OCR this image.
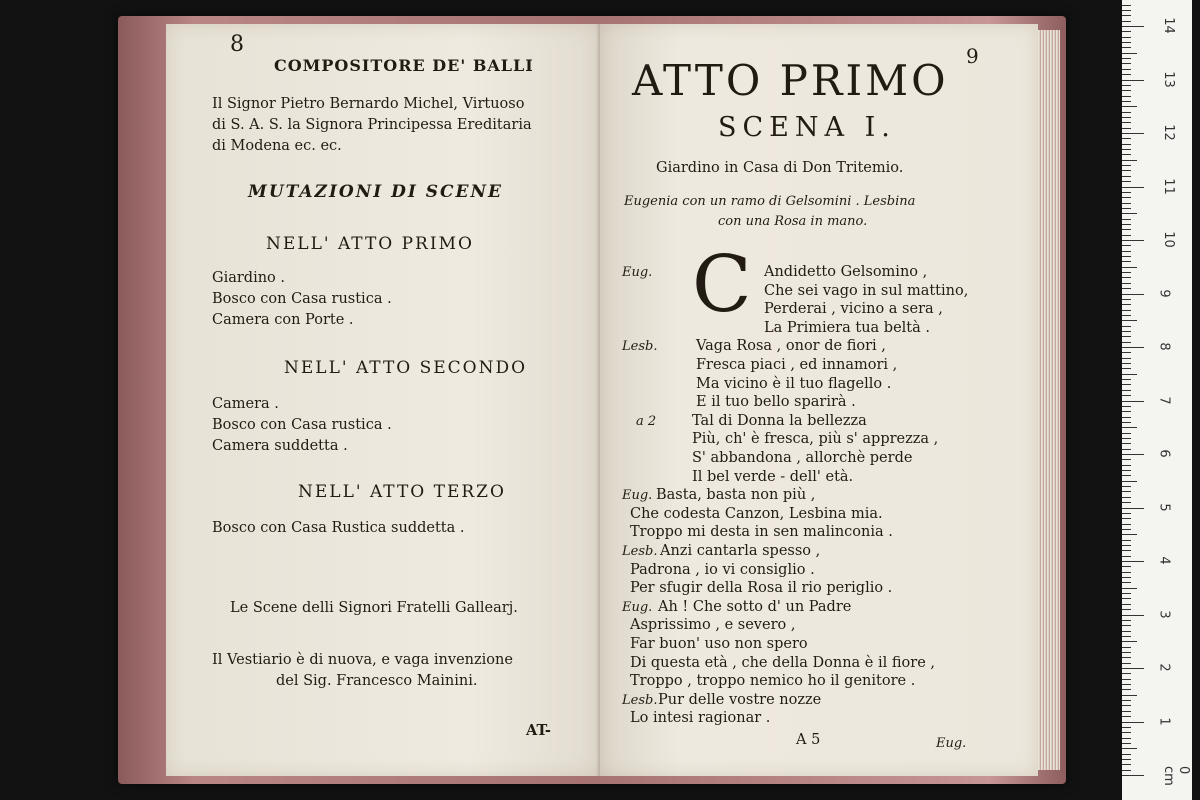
8
COMPOSITORE DE' BALLI
Il Signor Pietro Bernardo Michel, Virtuoso
di S. A. S. la Signora Principessa Ereditaria
di Modena ec. ec.
MUTAZIONI DI SCENE
NELL' ATTO PRIMO
Giardino .
Bosco con Casa rustica .
Camera con Porte .
NELL' ATTO SECONDO
Camera .
Bosco con Casa rustica .
Camera suddetta .
NELL' ATTO TERZO
Bosco con Casa Rustica suddetta .
Le Scene delli Signori Fratelli Gallearj.
Il Vestiario è di nuova, e vaga invenzione
del Sig. Francesco Mainini.
AT-
9
ATTO PRIMO
SCENA I.
Giardino in Casa di Don Tritemio.
Eugenia con un ramo di Gelsomini . Lesbina
con una Rosa in mano.
C
Eug.	Andidetto Gelsomino ,
Che sei vago in sul mattino,
Perderai , vicino a sera ,
La Primiera tua beltà .
Lesb.	Vaga Rosa , onor de fiori ,
Fresca piaci , ed innamori ,
Ma vicino è il tuo flagello .
E il tuo bello sparirà .
a 2 Tal di Donna la bellezza
Più, ch' è fresca, più s' apprezza ,
S' abbandona , allorchè perde
Il bel verde - dell' età.
Eug. Basta, basta non più ,
Che codesta Canzon, Lesbina mia.
Troppo mi desta in sen malinconia .
Lesb. Anzi cantarla spesso ,
Padrona , io vi consiglio .
Per sfugir della Rosa il rio periglio .
Eug. Ah ! Che sotto d' un Padre
Asprissimo , e severo ,
Far buon' uso non spero
Di questa età , che della Donna è il fiore ,
Troppo , troppo nemico ho il genitore .
Lesb. Pur delle vostre nozze
Lo intesi ragionar .
A 5	Eug.
14
13
12
11
10
9
8
7
6
5
4
3
2
1
0 cm
